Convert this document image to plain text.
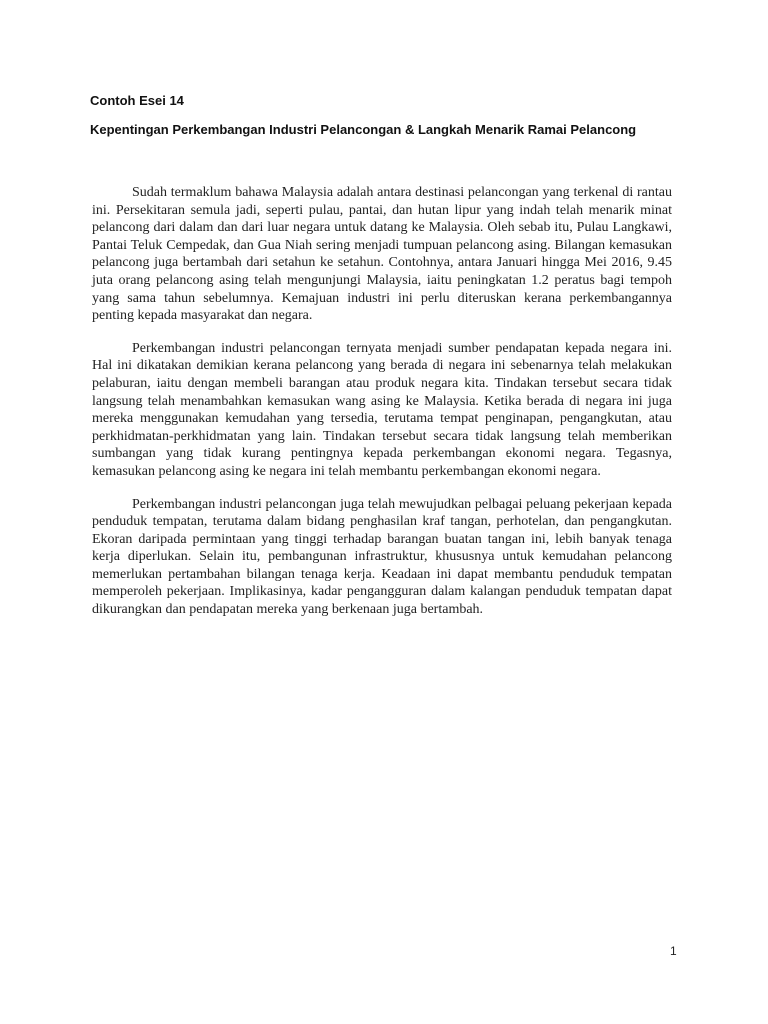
Contoh Esei 14
Kepentingan Perkembangan Industri Pelancongan & Langkah Menarik Ramai Pelancong

Sudah termaklum bahawa Malaysia adalah antara destinasi pelancongan yang terkenal di rantau ini. Persekitaran semula jadi, seperti pulau, pantai, dan hutan lipur yang indah telah menarik minat pelancong dari dalam dan dari luar negara untuk datang ke Malaysia. Oleh sebab itu, Pulau Langkawi, Pantai Teluk Cempedak, dan Gua Niah sering menjadi tumpuan pelancong asing. Bilangan kemasukan pelancong juga bertambah dari setahun ke setahun. Contohnya, antara Januari hingga Mei 2016, 9.45 juta orang pelancong asing telah mengunjungi Malaysia, iaitu peningkatan 1.2 peratus bagi tempoh yang sama tahun sebelumnya. Kemajuan industri ini perlu diteruskan kerana perkembangannya penting kepada masyarakat dan negara.

Perkembangan industri pelancongan ternyata menjadi sumber pendapatan kepada negara ini. Hal ini dikatakan demikian kerana pelancong yang berada di negara ini sebenarnya telah melakukan pelaburan, iaitu dengan membeli barangan atau produk negara kita. Tindakan tersebut secara tidak langsung telah menambahkan kemasukan wang asing ke Malaysia. Ketika berada di negara ini juga mereka menggunakan kemudahan yang tersedia, terutama tempat penginapan, pengangkutan, atau perkhidmatan-perkhidmatan yang lain. Tindakan tersebut secara tidak langsung telah memberikan sumbangan yang tidak kurang pentingnya kepada perkembangan ekonomi negara. Tegasnya, kemasukan pelancong asing ke negara ini telah membantu perkembangan ekonomi negara.

Perkembangan industri pelancongan juga telah mewujudkan pelbagai peluang pekerjaan kepada penduduk tempatan, terutama dalam bidang penghasilan kraf tangan, perhotelan, dan pengangkutan. Ekoran daripada permintaan yang tinggi terhadap barangan buatan tangan ini, lebih banyak tenaga kerja diperlukan. Selain itu, pembangunan infrastruktur, khususnya untuk kemudahan pelancong memerlukan pertambahan bilangan tenaga kerja. Keadaan ini dapat membantu penduduk tempatan memperoleh pekerjaan. Implikasinya, kadar pengangguran dalam kalangan penduduk tempatan dapat dikurangkan dan pendapatan mereka yang berkenaan juga bertambah.

1
